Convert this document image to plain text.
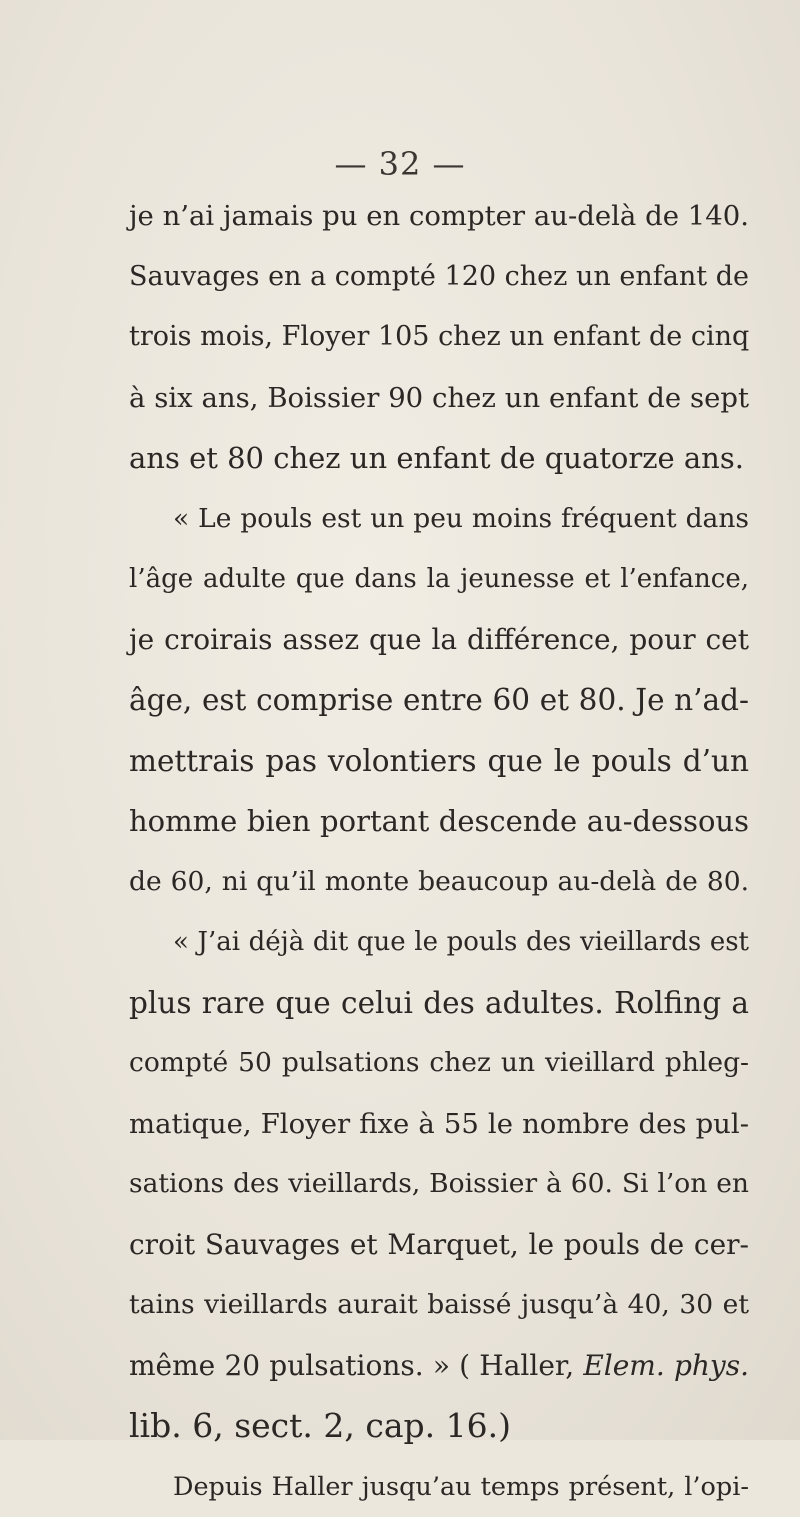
— 32 —
je n’ai jamais pu en compter au-delà de 140.
Sauvages en a compté 120 chez un enfant de
trois mois, Floyer 105 chez un enfant de cinq
à six ans, Boissier 90 chez un enfant de sept
ans et 80 chez un enfant de quatorze ans.
« Le pouls est un peu moins fréquent dans
l’âge adulte que dans la jeunesse et l’enfance,
je croirais assez que la différence, pour cet
âge, est comprise entre 60 et 80. Je n’ad-
mettrais pas volontiers que le pouls d’un
homme bien portant descende au-dessous
de 60, ni qu’il monte beaucoup au-delà de 80.
« J’ai déjà dit que le pouls des vieillards est
plus rare que celui des adultes. Rolfing a
compté 50 pulsations chez un vieillard phleg-
matique, Floyer fixe à 55 le nombre des pul-
sations des vieillards, Boissier à 60. Si l’on en
croit Sauvages et Marquet, le pouls de cer-
tains vieillards aurait baissé jusqu’à 40, 30 et
même 20 pulsations. » ( Haller, Elem. phys.
lib. 6, sect. 2, cap. 16.)
Depuis Haller jusqu’au temps présent, l’opi-
